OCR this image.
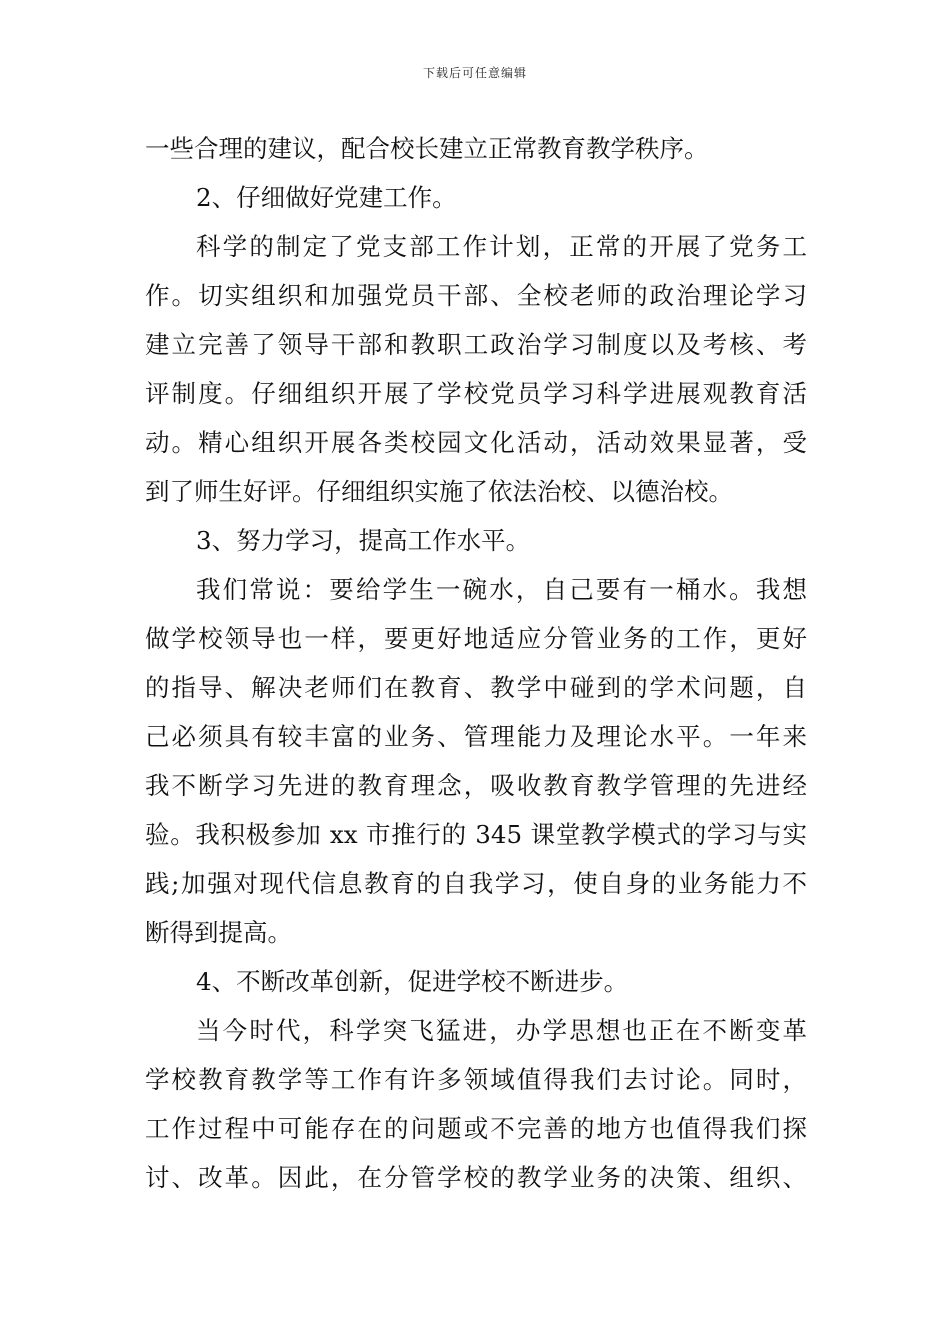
下载后可任意编辑
一些合理的建议，配合校长建立正常教育教学秩序。
2、仔细做好党建工作。
科学的制定了党支部工作计划，正常的开展了党务工
作。切实组织和加强党员干部、全校老师的政治理论学习
建立完善了领导干部和教职工政治学习制度以及考核、考
评制度。仔细组织开展了学校党员学习科学进展观教育活
动。精心组织开展各类校园文化活动，活动效果显著，受
到了师生好评。仔细组织实施了依法治校、以德治校。
3、努力学习，提高工作水平。
我们常说：要给学生一碗水，自己要有一桶水。我想
做学校领导也一样，要更好地适应分管业务的工作，更好
的指导、解决老师们在教育、教学中碰到的学术问题，自
己必须具有较丰富的业务、管理能力及理论水平。一年来
我不断学习先进的教育理念，吸收教育教学管理的先进经
验。我积极参加 xx 市推行的 345 课堂教学模式的学习与实
践;加强对现代信息教育的自我学习，使自身的业务能力不
断得到提高。
4、不断改革创新，促进学校不断进步。
当今时代，科学突飞猛进，办学思想也正在不断变革
学校教育教学等工作有许多领域值得我们去讨论。同时，
工作过程中可能存在的问题或不完善的地方也值得我们探
讨、改革。因此，在分管学校的教学业务的决策、组织、
